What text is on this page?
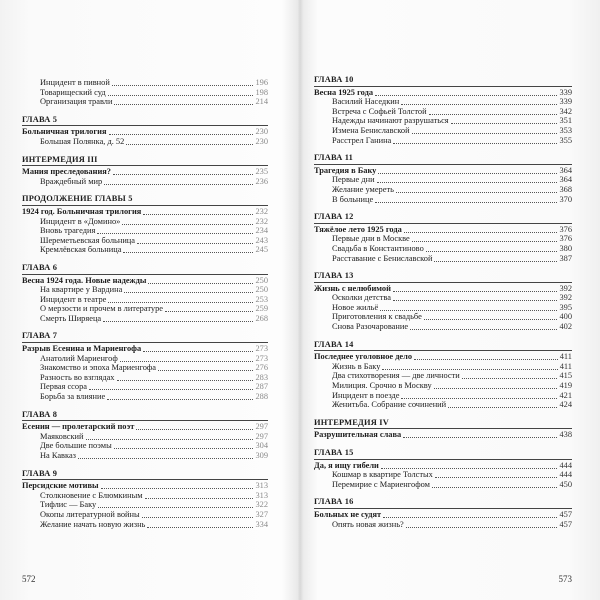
Инцидент в пивной	196
Товарищеский суд	198
Организация травли	214
ГЛАВА 5
Больничная трилогия	230
Большая Полянка, д. 52	230
ИНТЕРМЕДИЯ III
Мания преследования?	235
Враждебный мир	236
ПРОДОЛЖЕНИЕ ГЛАВЫ 5
1924 год. Больничная трилогия	232
Инцидент в «Домино»	232
Вновь трагедия	234
Шереметьевская больница	243
Кремлёвская больница	245
ГЛАВА 6
Весна 1924 года. Новые надежды	250
На квартире у Вардина	250
Инцидент в театре	253
О мерзости и прочем в литературе	259
Смерть Ширяеца	268
ГЛАВА 7
Разрыв Есенина и Мариенгофа	273
Анатолий Мариенгоф	273
Знакомство и эпоха Мариенгофа	276
Разность во взглядах	283
Первая ссора	287
Борьба за влияние	288
ГЛАВА 8
Есенин — пролетарский поэт	297
Маяковский	297
Две большие поэмы	304
На Кавказ	309
ГЛАВА 9
Персидские мотивы	313
Столкновение с Блюмкиным	313
Тифлис — Баку	322
Окопы литературной войны	327
Желание начать новую жизнь	334
572
ГЛАВА 10
Весна 1925 года	339
Василий Наседкин	339
Встреча с Софьей Толстой	342
Надежды начинают разрушаться	351
Измена Бениславской	353
Расстрел Ганина	355
ГЛАВА 11
Трагедия в Баку	364
Первые дни	364
Желание умереть	368
В больнице	370
ГЛАВА 12
Тяжёлое лето 1925 года	376
Первые дни в Москве	376
Свадьба в Константиново	380
Расставание с Бениславской	387
ГЛАВА 13
Жизнь с нелюбимой	392
Осколки детства	392
Новое жильё	395
Приготовления к свадьбе	400
Снова Разочарование	402
ГЛАВА 14
Последнее уголовное дело	411
Жизнь в Баку	411
Два стихотворения — две личности	415
Милиция. Срочно в Москву	419
Инцидент в поезде	421
Женитьба. Собрание сочинений	424
ИНТЕРМЕДИЯ IV
Разрушительная слава	438
ГЛАВА 15
Да, я ищу гибели	444
Кошмар в квартире Толстых	444
Перемирие с Мариенгофом	450
ГЛАВА 16
Больных не судят	457
Опять новая жизнь?	457
573
